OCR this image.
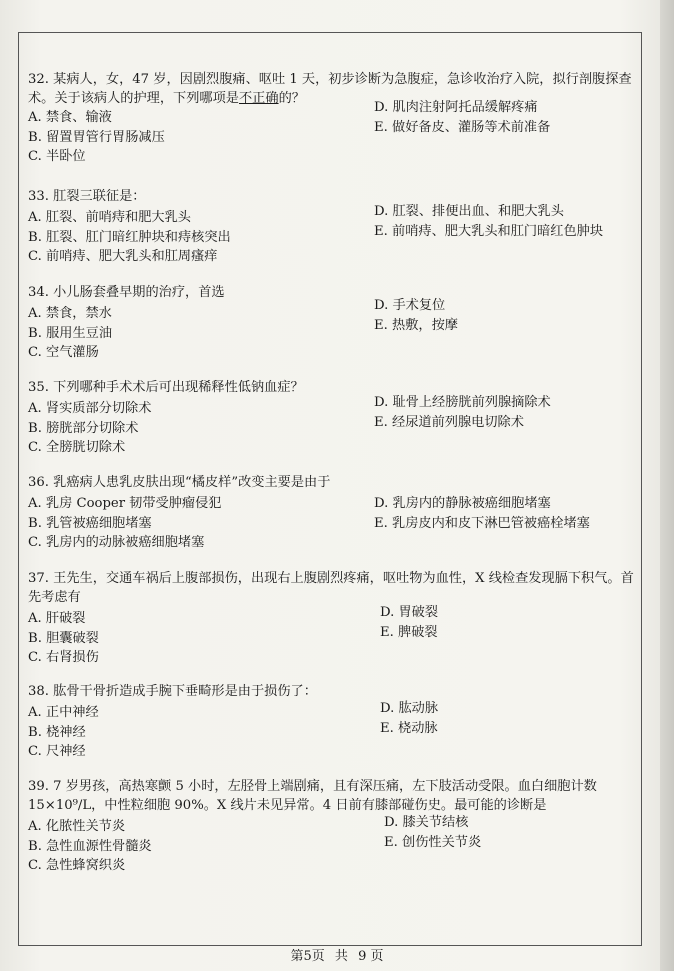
32. 某病人，女，47 岁，因剧烈腹痛、呕吐 1 天，初步诊断为急腹症，急诊收治疗入院，拟行剖腹探查术。关于该病人的护理，下列哪项是不正确的？

A. 禁食、输液
B. 留置胃管行胃肠减压
C. 半卧位
D. 肌肉注射阿托品缓解疼痛
E. 做好备皮、灌肠等术前准备

33. 肛裂三联征是：

A. 肛裂、前哨痔和肥大乳头
B. 肛裂、肛门暗红肿块和痔核突出
C. 前哨痔、肥大乳头和肛周瘙痒
D. 肛裂、排便出血、和肥大乳头
E. 前哨痔、肥大乳头和肛门暗红色肿块

34. 小儿肠套叠早期的治疗，首选

A. 禁食，禁水
B. 服用生豆油
C. 空气灌肠
D. 手术复位
E. 热敷，按摩

35. 下列哪种手术术后可出现稀释性低钠血症？

A. 肾实质部分切除术
B. 膀胱部分切除术
C. 全膀胱切除术
D. 耻骨上经膀胱前列腺摘除术
E. 经尿道前列腺电切除术

36. 乳癌病人患乳皮肤出现“橘皮样”改变主要是由于

A. 乳房 Cooper 韧带受肿瘤侵犯
B. 乳管被癌细胞堵塞
C. 乳房内的动脉被癌细胞堵塞
D. 乳房内的静脉被癌细胞堵塞
E. 乳房皮内和皮下淋巴管被癌栓堵塞

37. 王先生，交通车祸后上腹部损伤，出现右上腹剧烈疼痛，呕吐物为血性，X 线检查发现膈下积气。首先考虑有

A. 肝破裂
B. 胆囊破裂
C. 右肾损伤
D. 胃破裂
E. 脾破裂

38. 肱骨干骨折造成手腕下垂畸形是由于损伤了：

A. 正中神经
B. 桡神经
C. 尺神经
D. 肱动脉
E. 桡动脉

39. 7 岁男孩，高热寒颤 5 小时，左胫骨上端剧痛，且有深压痛，左下肢活动受限。血白细胞计数 15×10⁹/L，中性粒细胞 90%。X 线片未见异常。4 日前有膝部碰伤史。最可能的诊断是

A. 化脓性关节炎
B. 急性血源性骨髓炎
C. 急性蜂窝织炎
D. 膝关节结核
E. 创伤性关节炎
第5页 共 9 页
